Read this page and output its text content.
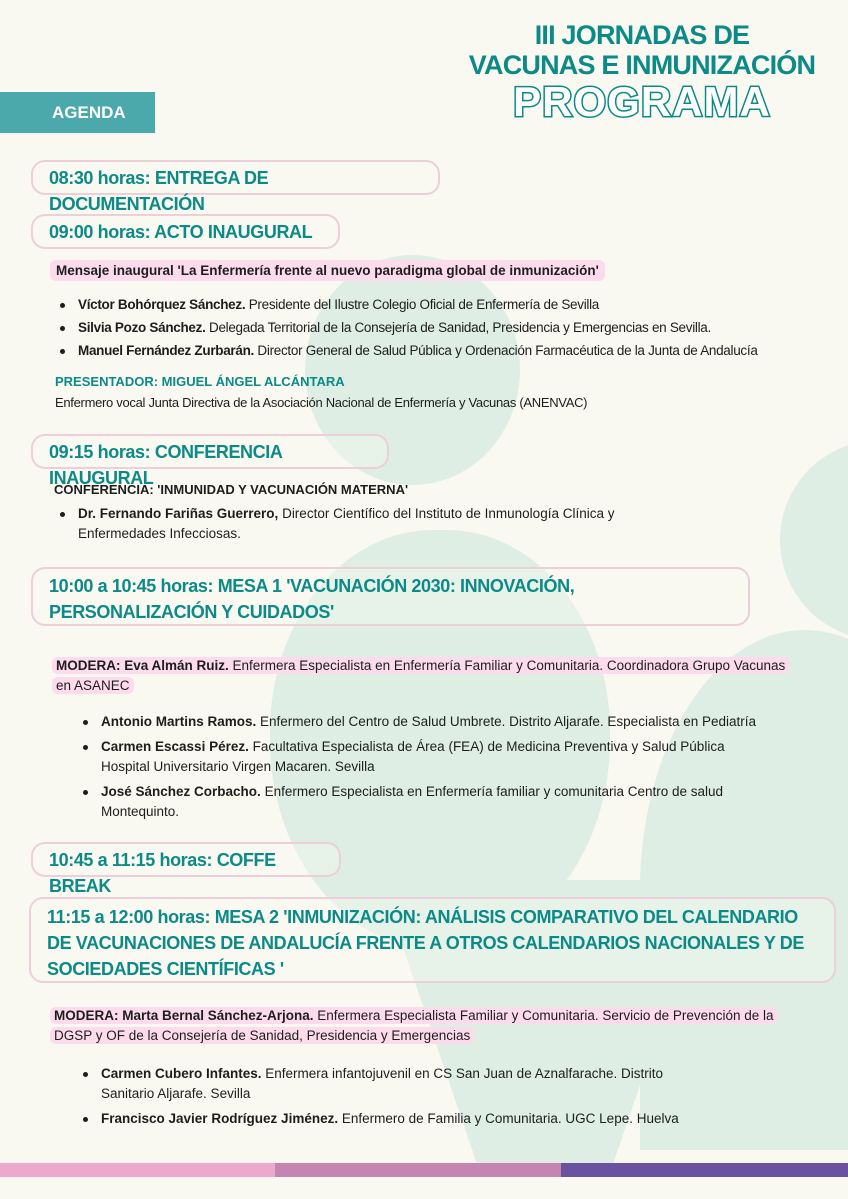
III JORNADAS DE
VACUNAS E INMUNIZACIÓN
PROGRAMA
AGENDA
08:30 horas: ENTREGA DE DOCUMENTACIÓN
09:00 horas: ACTO INAUGURAL
Mensaje inaugural 'La Enfermería frente al nuevo paradigma global de inmunización'
Víctor Bohórquez Sánchez. Presidente del Ilustre Colegio Oficial de Enfermería de Sevilla
Silvia Pozo Sánchez. Delegada Territorial de la Consejería de Sanidad, Presidencia y Emergencias en Sevilla.
Manuel Fernández Zurbarán. Director General de Salud Pública y Ordenación Farmacéutica de la Junta de Andalucía
PRESENTADOR: MIGUEL ÁNGEL ALCÁNTARA
Enfermero vocal Junta Directiva de la Asociación Nacional de Enfermería y Vacunas (ANENVAC)
09:15 horas: CONFERENCIA INAUGURAL
CONFERENCIA: 'INMUNIDAD Y VACUNACIÓN MATERNA'
Dr. Fernando Fariñas Guerrero, Director Científico del Instituto de Inmunología Clínica y Enfermedades Infecciosas.
10:00 a 10:45 horas: MESA 1 'VACUNACIÓN 2030: INNOVACIÓN, PERSONALIZACIÓN Y CUIDADOS'
MODERA: Eva Almán Ruiz. Enfermera Especialista en Enfermería Familiar y Comunitaria. Coordinadora Grupo Vacunas en ASANEC
Antonio Martins Ramos. Enfermero del Centro de Salud Umbrete. Distrito Aljarafe. Especialista en Pediatría
Carmen Escassi Pérez. Facultativa Especialista de Área (FEA) de Medicina Preventiva y Salud Pública Hospital Universitario Virgen Macaren. Sevilla
José Sánchez Corbacho. Enfermero Especialista en Enfermería familiar y comunitaria Centro de salud Montequinto.
10:45 a 11:15 horas: COFFE BREAK
11:15 a 12:00 horas: MESA 2 'INMUNIZACIÓN: ANÁLISIS COMPARATIVO DEL CALENDARIO DE VACUNACIONES DE ANDALUCÍA FRENTE A OTROS CALENDARIOS NACIONALES Y DE SOCIEDADES CIENTÍFICAS '
MODERA: Marta Bernal Sánchez-Arjona. Enfermera Especialista Familiar y Comunitaria. Servicio de Prevención de la DGSP y OF de la Consejería de Sanidad, Presidencia y Emergencias
Carmen Cubero Infantes. Enfermera infantojuvenil en CS San Juan de Aznalfarache. Distrito Sanitario Aljarafe. Sevilla
Francisco Javier Rodríguez Jiménez. Enfermero de Familia y Comunitaria. UGC Lepe. Huelva
